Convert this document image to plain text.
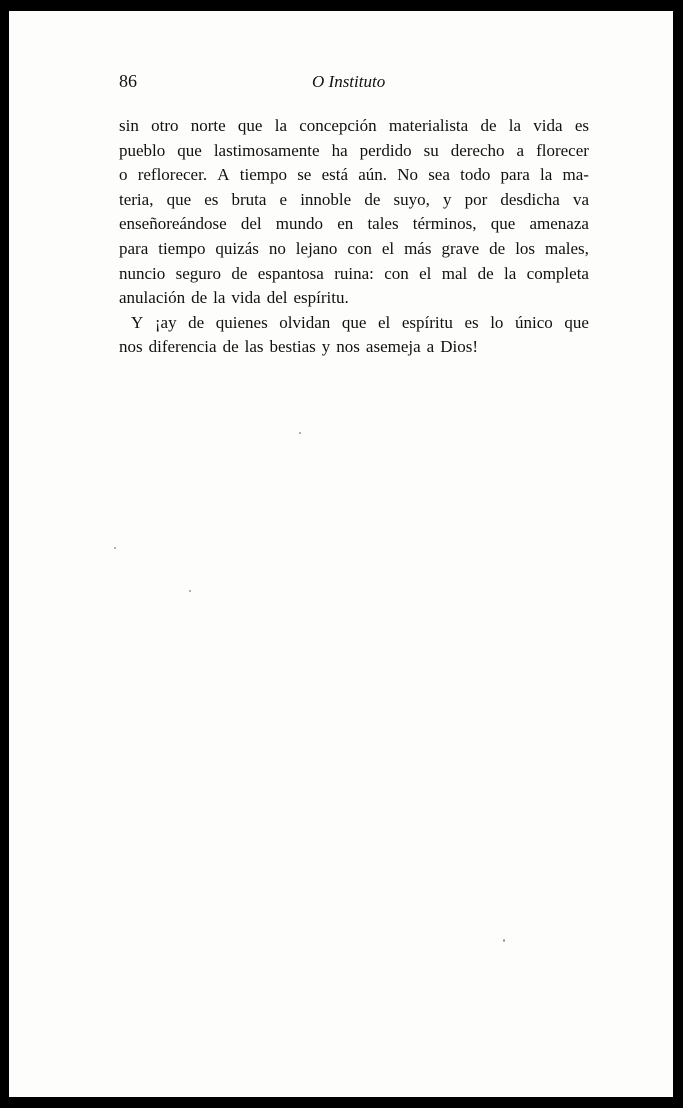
86	O Instituto
sin otro norte que la concepción materialista de la vida es
pueblo que lastimosamente ha perdido su derecho a florecer
o reflorecer. A tiempo se está aún. No sea todo para la ma-
teria, que es bruta e innoble de suyo, y por desdicha va
enseñoreándose del mundo en tales términos, que amenaza
para tiempo quizás no lejano con el más grave de los males,
nuncio seguro de espantosa ruina: con el mal de la completa
anulación de la vida del espíritu.
Y ¡ay de quienes olvidan que el espíritu es lo único que
nos diferencia de las bestias y nos asemeja a Dios!
